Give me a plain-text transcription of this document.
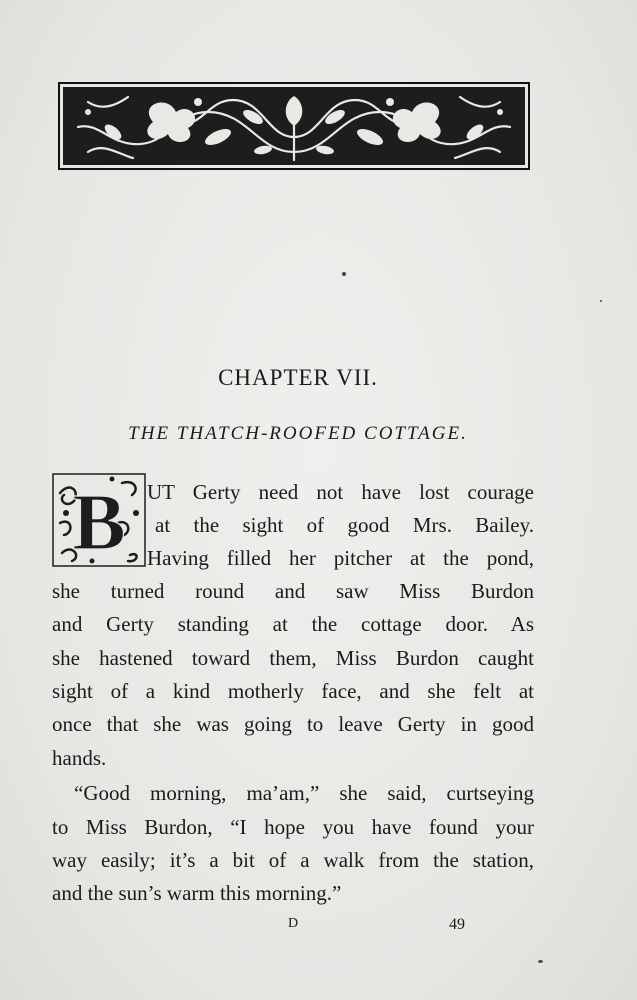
CHAPTER VII.
THE THATCH-ROOFED COTTAGE.
B UT Gerty need not have lost courage
at the sight of good Mrs. Bailey.
Having filled her pitcher at the pond,
she turned round and saw Miss Burdon
and Gerty standing at the cottage door. As
she hastened toward them, Miss Burdon caught
sight of a kind motherly face, and she felt at
once that she was going to leave Gerty in good
hands.
“Good morning, ma’am,” she said, curtseying
to Miss Burdon, “I hope you have found your
way easily; it’s a bit of a walk from the station,
and the sun’s warm this morning.”
D	49
